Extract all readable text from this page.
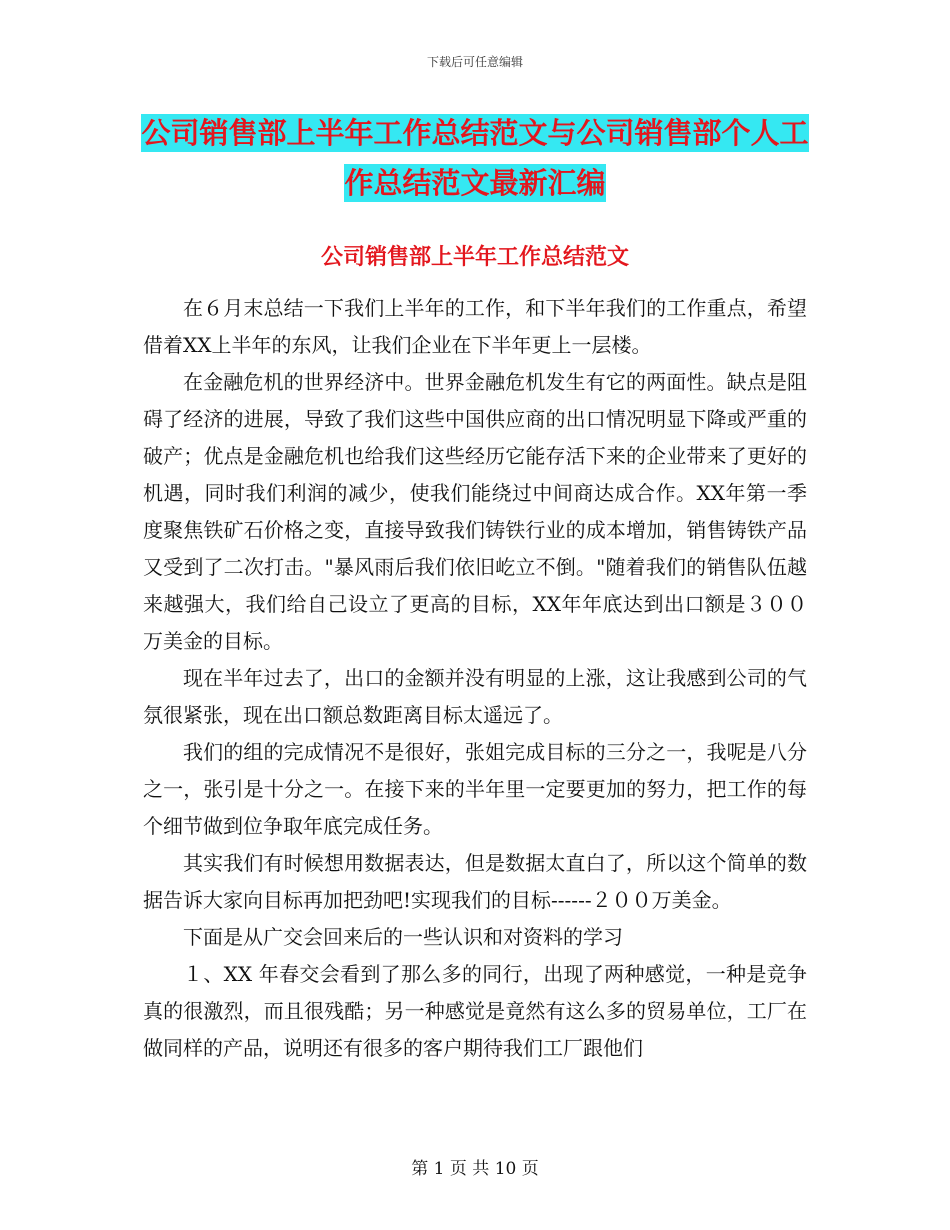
下载后可任意编辑
公司销售部上半年工作总结范文与公司销售部个人工
作总结范文最新汇编
公司销售部上半年工作总结范文

在６月末总结一下我们上半年的工作，和下半年我们的工作重点，希望借着XX上半年的东风，让我们企业在下半年更上一层楼。

在金融危机的世界经济中。世界金融危机发生有它的两面性。缺点是阻碍了经济的进展，导致了我们这些中国供应商的出口情况明显下降或严重的破产；优点是金融危机也给我们这些经历它能存活下来的企业带来了更好的机遇，同时我们利润的减少，使我们能绕过中间商达成合作。XX年第一季度聚焦铁矿石价格之变，直接导致我们铸铁行业的成本增加，销售铸铁产品又受到了二次打击。"暴风雨后我们依旧屹立不倒。"随着我们的销售队伍越来越强大，我们给自己设立了更高的目标，XX年年底达到出口额是３００万美金的目标。

现在半年过去了，出口的金额并没有明显的上涨，这让我感到公司的气氛很紧张，现在出口额总数距离目标太遥远了。

我们的组的完成情况不是很好，张姐完成目标的三分之一，我呢是八分之一，张引是十分之一。在接下来的半年里一定要更加的努力，把工作的每个细节做到位争取年底完成任务。

其实我们有时候想用数据表达，但是数据太直白了，所以这个简单的数据告诉大家向目标再加把劲吧!实现我们的目标------２００万美金。

下面是从广交会回来后的一些认识和对资料的学习

１、XX 年春交会看到了那么多的同行，出现了两种感觉，一种是竞争真的很激烈，而且很残酷；另一种感觉是竟然有这么多的贸易单位，工厂在做同样的产品，说明还有很多的客户期待我们工厂跟他们

第 1 页 共 10 页
